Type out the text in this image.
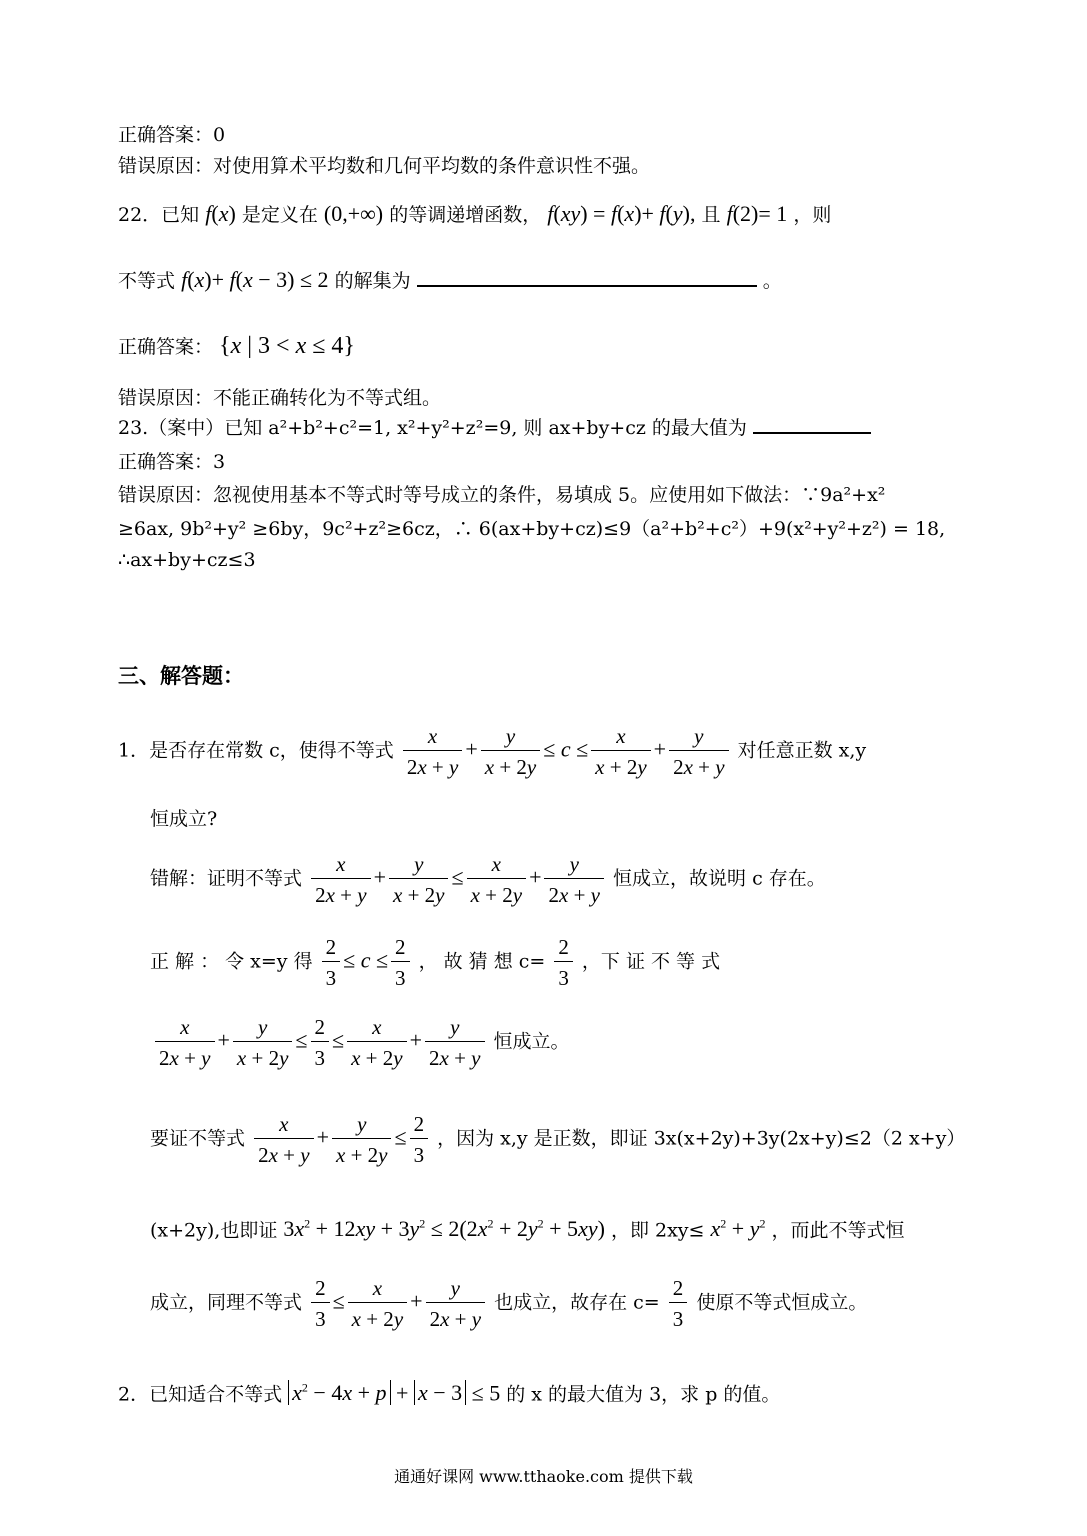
正确答案：0
错误原因：对使用算术平均数和几何平均数的条件意识性不强。
22．已知 f(x) 是定义在 (0,+∞) 的等调递增函数， f(xy) = f(x)+ f(y), 且 f(2)= 1 ，则
不等式 f(x)+ f(x − 3) ≤ 2 的解集为	。
正确答案： {x | 3 < x ≤ 4}
错误原因：不能正确转化为不等式组。
23.（案中）已知 a²+b²+c²=1, x²+y²+z²=9, 则 ax+by+cz 的最大值为
正确答案：3
错误原因：忽视使用基本不等式时等号成立的条件，易填成 5。应使用如下做法：∵9a²+x²
≥6ax, 9b²+y² ≥6by，9c²+z²≥6cz，∴ 6(ax+by+cz)≤9（a²+b²+c²）+9(x²+y²+z²) = 18,
∴ax+by+cz≤3
三、解答题：
1．是否存在常数 c，使得不等式 $\frac{x}{2x + y} + \frac{y}{x + 2y} \le c \le \frac{x}{x + 2y} + \frac{y}{2x + y}$ 对任意正数 x,y
恒成立?
错解：证明不等式 $\frac{x}{2x + y} + \frac{y}{x + 2y} \le \frac{x}{x + 2y} + \frac{y}{2x + y}$ 恒成立，故说明 c 存在。
正 解 ： 令 x=y 得 $\frac{2}{3} \le c \le \frac{2}{3}$ ， 故 猜 想 $c= \frac{2}{3}$ ，下 证 不 等 式
$\frac{x}{2x + y} + \frac{y}{x + 2y} \le \frac{2}{3} \le \frac{x}{x + 2y} + \frac{y}{2x + y}$ 恒成立。
要证不等式 $\frac{x}{2x + y} + \frac{y}{x + 2y} \le \frac{2}{3}$ ，因为 x,y 是正数，即证 3x(x+2y)+3y(2x+y)≤2（2 x+y）
(x+2y),也即证 $3x^2 + 12xy + 3y^2 \le 2(2x^2 + 2y^2 + 5xy)$ ，即 $2xy\le x^2 + y^2$ ，而此不等式恒
成立，同理不等式 $\frac{2}{3} \le \frac{x}{x + 2y} + \frac{y}{2x + y}$ 也成立，故存在 $c= \frac{2}{3}$ 使原不等式恒成立。
2．已知适合不等式 $x^2 - 4x + p + x - 3 \le 5$ 的 x 的最大值为 3，求 p 的值。
通通好课网 www.tthaoke.com 提供下载
